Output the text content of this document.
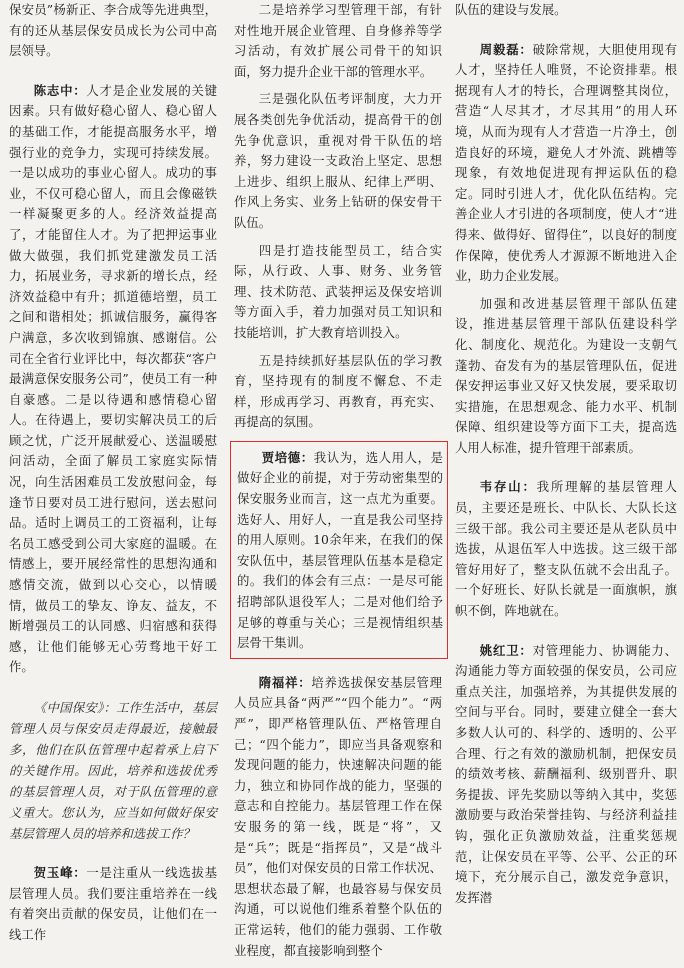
保安员”杨新正、李合成等先进典型，有的还从基层保安员成长为公司中高层领导。

陈志中：人才是企业发展的关键因素。只有做好稳心留人、稳心留人的基础工作，才能提高服务水平，增强行业的竞争力，实现可持续发展。一是以成功的事业心留人。成功的事业，不仅可稳心留人，而且会像磁铁一样凝聚更多的人。经济效益提高了，才能留住人才。为了把押运事业做大做强，我们抓党建激发员工活力，拓展业务，寻求新的增长点，经济效益稳中有升；抓道德培塑，员工之间和谐相处；抓诚信服务，赢得客户满意，多次收到锦旗、感谢信。公司在全省行业评比中，每次都获“客户最满意保安服务公司”，使员工有一种自豪感。二是以待遇和感情稳心留人。在待遇上，要切实解决员工的后顾之忧，广泛开展献爱心、送温暖慰问活动，全面了解员工家庭实际情况，向生活困难员工发放慰问金，每逢节日要对员工进行慰问，送去慰问品。适时上调员工的工资福利，让每名员工感受到公司大家庭的温暖。在情感上，要开展经常性的思想沟通和感情交流，做到以心交心，以情暖情，做员工的挚友、诤友、益友，不断增强员工的认同感、归宿感和获得感，让他们能够无心劳骛地干好工作。

《中国保安》：工作生活中，基层管理人员与保安员走得最近，接触最多，他们在队伍管理中起着承上启下的关键作用。因此，培养和选拔优秀的基层管理人员，对于队伍管理的意义重大。您认为，应当如何做好保安基层管理人员的培养和选拔工作？

贺玉峰：一是注重从一线选拔基层管理人员。我们要注重培养在一线有着突出贡献的保安员，让他们在一线工作

二是培养学习型管理干部，有针对性地开展企业管理、自身修养等学习活动，有效扩展公司骨干的知识面，努力提升企业干部的管理水平。

三是强化队伍考评制度，大力开展各类创先争优活动，提高骨干的创先争优意识，重视对骨干队伍的培养，努力建设一支政治上坚定、思想上进步、组织上服从、纪律上严明、作风上务实、业务上钻研的保安骨干队伍。

四是打造技能型员工，结合实际，从行政、人事、财务、业务管理、技术防范、武装押运及保安培训等方面入手，着力加强对员工知识和技能培训，扩大教育培训投入。

五是持续抓好基层队伍的学习教育，坚持现有的制度不懈怠、不走样，形成再学习、再教育，再充实、再提高的氛围。

贾培德：我认为，选人用人，是做好企业的前提，对于劳动密集型的保安服务业而言，这一点尤为重要。选好人、用好人，一直是我公司坚持的用人原则。10余年来，在我们的保安队伍中，基层管理队伍基本是稳定的。我们的体会有三点：一是尽可能招聘部队退役军人；二是对他们给予足够的尊重与关心；三是视情组织基层骨干集训。

隋福祥：培养选拔保安基层管理人员应具备“两严”“四个能力”。“两严”，即严格管理队伍、严格管理自己；“四个能力”，即应当具备观察和发现问题的能力，快速解决问题的能力，独立和协同作战的能力，坚强的意志和自控能力。基层管理工作在保安服务的第一线，既是“将”，又是“兵”；既是“指挥员”，又是“战斗员”，他们对保安员的日常工作状况、思想状态最了解，也最容易与保安员沟通，可以说他们维系着整个队伍的正常运转，他们的能力强弱、工作敬业程度，都直接影响到整个

队伍的建设与发展。

周毅磊：破除常规，大胆使用现有人才，坚持任人唯贤，不论资排辈。根据现有人才的特长，合理调整其岗位，营造“人尽其才，才尽其用”的用人环境，从而为现有人才营造一片净土，创造良好的环境，避免人才外流、跳槽等现象，有效地促进现有押运队伍的稳定。同时引进人才，优化队伍结构。完善企业人才引进的各项制度，使人才“进得来、做得好、留得住”，以良好的制度作保障，使优秀人才源源不断地进入企业，助力企业发展。

加强和改进基层管理干部队伍建设，推进基层管理干部队伍建设科学化、制度化、规范化。为建设一支朝气蓬勃、奋发有为的基层管理队伍，促进保安押运事业又好又快发展，要采取切实措施，在思想观念、能力水平、机制保障、组织建设等方面下工夫，提高选人用人标准，提升管理干部素质。

韦存山：我所理解的基层管理人员，主要还是班长、中队长、大队长这三级干部。我公司主要还是从老队员中选拔，从退伍军人中选拔。这三级干部管好用好了，整支队伍就不会出乱子。一个好班长、好队长就是一面旗帜，旗帜不倒，阵地就在。

姚红卫：对管理能力、协调能力、沟通能力等方面较强的保安员，公司应重点关注，加强培养，为其提供发展的空间与平台。同时，要建立健全一套大多数人认可的、科学的、透明的、公平合理、行之有效的激励机制，把保安员的绩效考核、薪酬福利、级别晋升、职务提拔、评先奖励以等纳入其中，奖惩激励要与政治荣誉挂钩、与经济利益挂钩，强化正负激励效益，注重奖惩规范，让保安员在平等、公平、公正的环境下，充分展示自己，激发竞争意识，发挥潜
